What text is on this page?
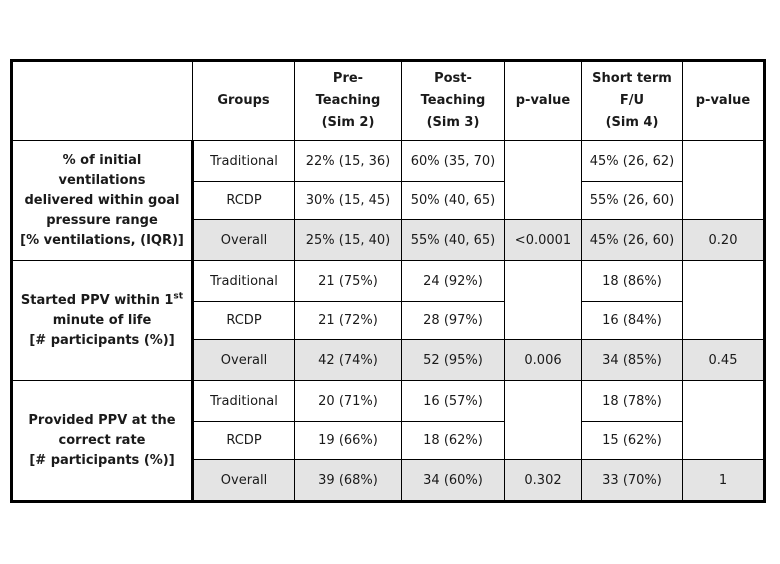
	Groups	Pre-
Teaching
(Sim 2)	Post-
Teaching
(Sim 3)	p-value	Short term
F/U
(Sim 4)	p-value
% of initial ventilations
delivered within goal
pressure range
[% ventilations, (IQR)]	Traditional	22% (15, 36)	60% (35, 70)		45% (26, 62)	
	RCDP	30% (15, 45)	50% (40, 65)		55% (26, 60)	
	Overall	25% (15, 40)	55% (40, 65)	<0.0001	45% (26, 60)	0.20
Started PPV within 1st
minute of life
[# participants (%)]	Traditional	21 (75%)	24 (92%)		18 (86%)	
	RCDP	21 (72%)	28 (97%)		16 (84%)	
	Overall	42 (74%)	52 (95%)	0.006	34 (85%)	0.45
Provided PPV at the
correct rate
[# participants (%)]	Traditional	20 (71%)	16 (57%)		18 (78%)	
	RCDP	19 (66%)	18 (62%)		15 (62%)	
	Overall	39 (68%)	34 (60%)	0.302	33 (70%)	1
